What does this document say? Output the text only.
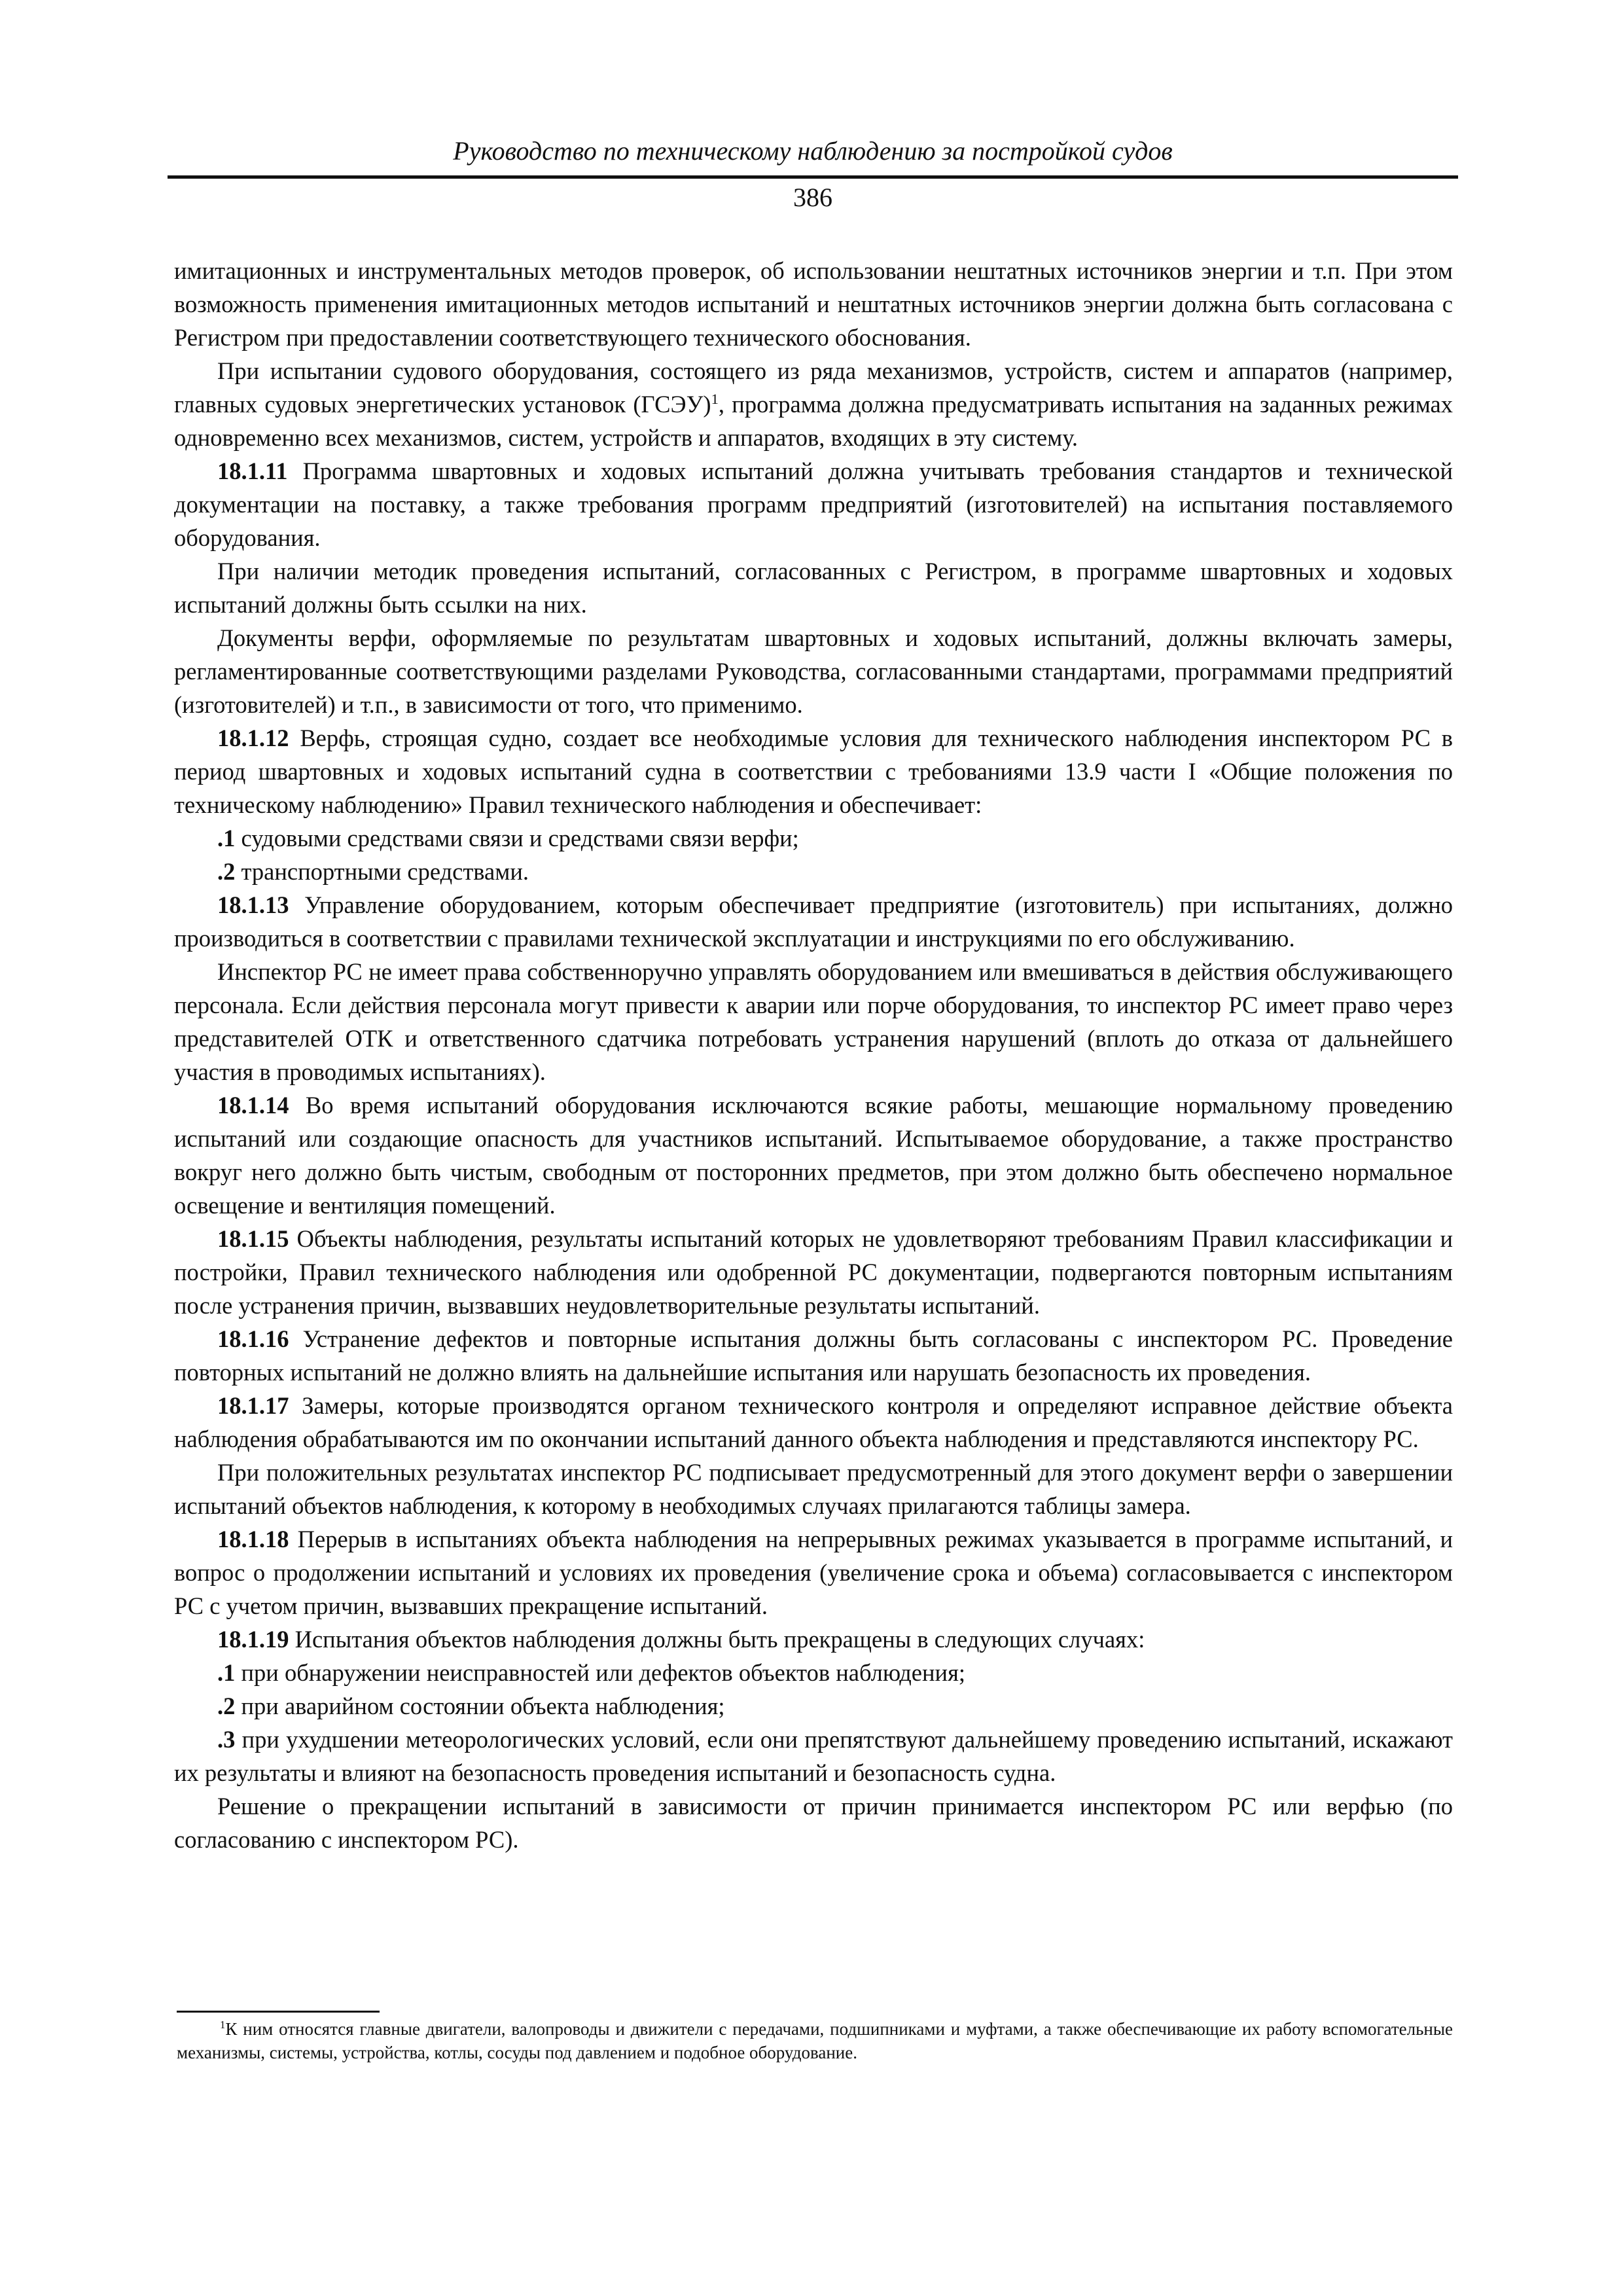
Руководство по техническому наблюдению за постройкой судов
386

имитационных и инструментальных методов проверок, об использовании нештатных источников энергии и т.п. При этом возможность применения имитационных методов испытаний и нештатных источников энергии должна быть согласована с Регистром при предоставлении соответствующего технического обоснования.

При испытании судового оборудования, состоящего из ряда механизмов, устройств, систем и аппаратов (например, главных судовых энергетических установок (ГСЭУ)$^1$, программа должна предусматривать испытания на заданных режимах одновременно всех механизмов, систем, устройств и аппаратов, входящих в эту систему.

18.1.11 Программа швартовных и ходовых испытаний должна учитывать требования стандартов и технической документации на поставку, а также требования программ предприятий (изготовителей) на испытания поставляемого оборудования.

При наличии методик проведения испытаний, согласованных с Регистром, в программе швартовных и ходовых испытаний должны быть ссылки на них.

Документы верфи, оформляемые по результатам швартовных и ходовых испытаний, должны включать замеры, регламентированные соответствующими разделами Руководства, согласованными стандартами, программами предприятий (изготовителей) и т.п., в зависимости от того, что применимо.

18.1.12 Верфь, строящая судно, создает все необходимые условия для технического наблюдения инспектором РС в период швартовных и ходовых испытаний судна в соответствии с требованиями 13.9 части I «Общие положения по техническому наблюдению» Правил технического наблюдения и обеспечивает:

.1 судовыми средствами связи и средствами связи верфи;

.2 транспортными средствами.

18.1.13 Управление оборудованием, которым обеспечивает предприятие (изготовитель) при испытаниях, должно производиться в соответствии с правилами технической эксплуатации и инструкциями по его обслуживанию.

Инспектор РС не имеет права собственноручно управлять оборудованием или вмешиваться в действия обслуживающего персонала. Если действия персонала могут привести к аварии или порче оборудования, то инспектор РС имеет право через представителей ОТК и ответственного сдатчика потребовать устранения нарушений (вплоть до отказа от дальнейшего участия в проводимых испытаниях).

18.1.14 Во время испытаний оборудования исключаются всякие работы, мешающие нормальному проведению испытаний или создающие опасность для участников испытаний. Испытываемое оборудование, а также пространство вокруг него должно быть чистым, свободным от посторонних предметов, при этом должно быть обеспечено нормальное освещение и вентиляция помещений.

18.1.15 Объекты наблюдения, результаты испытаний которых не удовлетворяют требованиям Правил классификации и постройки, Правил технического наблюдения или одобренной РС документации, подвергаются повторным испытаниям после устранения причин, вызвавших неудовлетворительные результаты испытаний.

18.1.16 Устранение дефектов и повторные испытания должны быть согласованы с инспектором РС. Проведение повторных испытаний не должно влиять на дальнейшие испытания или нарушать безопасность их проведения.

18.1.17 Замеры, которые производятся органом технического контроля и определяют исправное действие объекта наблюдения обрабатываются им по окончании испытаний данного объекта наблюдения и представляются инспектору РС.

При положительных результатах инспектор РС подписывает предусмотренный для этого документ верфи о завершении испытаний объектов наблюдения, к которому в необходимых случаях прилагаются таблицы замера.

18.1.18 Перерыв в испытаниях объекта наблюдения на непрерывных режимах указывается в программе испытаний, и вопрос о продолжении испытаний и условиях их проведения (увеличение срока и объема) согласовывается с инспектором РС с учетом причин, вызвавших прекращение испытаний.

18.1.19 Испытания объектов наблюдения должны быть прекращены в следующих случаях:

.1 при обнаружении неисправностей или дефектов объектов наблюдения;

.2 при аварийном состоянии объекта наблюдения;

.3 при ухудшении метеорологических условий, если они препятствуют дальнейшему проведению испытаний, искажают их результаты и влияют на безопасность проведения испытаний и безопасность судна.

Решение о прекращении испытаний в зависимости от причин принимается инспектором РС или верфью (по согласованию с инспектором РС).

$^1$К ним относятся главные двигатели, валопроводы и движители с передачами, подшипниками и муфтами, а также обеспечивающие их работу вспомогательные механизмы, системы, устройства, котлы, сосуды под давлением и подобное оборудование.
